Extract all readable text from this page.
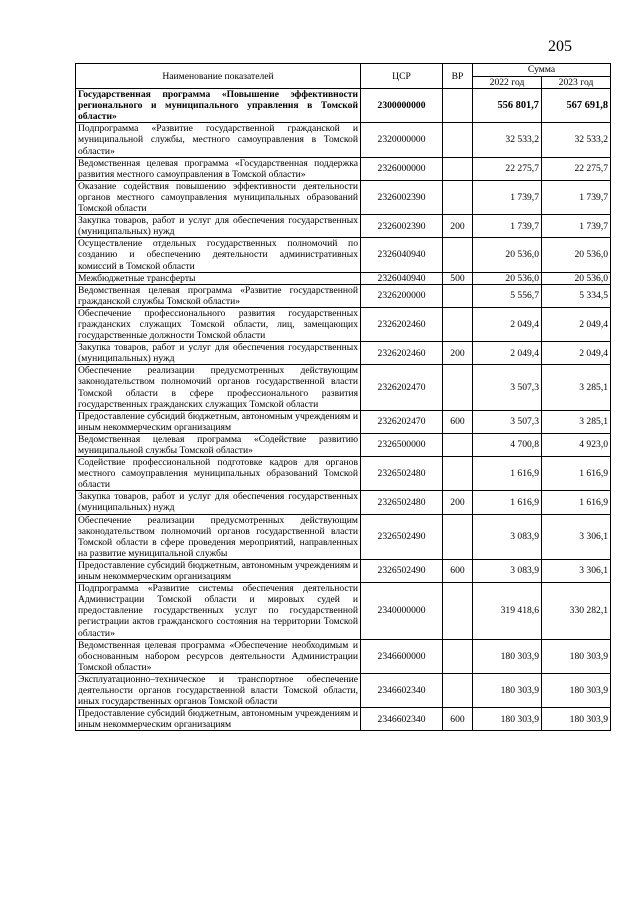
205
Наименование показателей	ЦСР	ВР	Сумма	
			2022 год	2023 год
Государственная программа «Повышение эффективности регионального и муниципального управления в Томской области»	2300000000		556 801,7	567 691,8
Подпрограмма «Развитие государственной гражданской и муниципальной службы, местного самоуправления в Томской области»	2320000000		32 533,2	32 533,2
Ведомственная целевая программа «Государственная поддержка развития местного самоуправления в Томской области»	2326000000		22 275,7	22 275,7
Оказание содействия повышению эффективности деятельности органов местного самоуправления муниципальных образований Томской области	2326002390		1 739,7	1 739,7
Закупка товаров, работ и услуг для обеспечения государственных (муниципальных) нужд	2326002390	200	1 739,7	1 739,7
Осуществление отдельных государственных полномочий по созданию и обеспечению деятельности административных комиссий в Томской области	2326040940		20 536,0	20 536,0
Межбюджетные трансферты	2326040940	500	20 536,0	20 536,0
Ведомственная целевая программа «Развитие государственной гражданской службы Томской области»	2326200000		5 556,7	5 334,5
Обеспечение профессионального развития государственных гражданских служащих Томской области, лиц, замещающих государственные должности Томской области	2326202460		2 049,4	2 049,4
Закупка товаров, работ и услуг для обеспечения государственных (муниципальных) нужд	2326202460	200	2 049,4	2 049,4
Обеспечение реализации предусмотренных действующим законодательством полномочий органов государственной власти Томской области в сфере профессионального развития государственных гражданских служащих Томской области	2326202470		3 507,3	3 285,1
Предоставление субсидий бюджетным, автономным учреждениям и иным некоммерческим организациям	2326202470	600	3 507,3	3 285,1
Ведомственная целевая программа «Содействие развитию муниципальной службы Томской области»	2326500000		4 700,8	4 923,0
Содействие профессиональной подготовке кадров для органов местного самоуправления муниципальных образований Томской области	2326502480		1 616,9	1 616,9
Закупка товаров, работ и услуг для обеспечения государственных (муниципальных) нужд	2326502480	200	1 616,9	1 616,9
Обеспечение реализации предусмотренных действующим законодательством полномочий органов государственной власти Томской области в сфере проведения мероприятий, направленных на развитие муниципальной службы	2326502490		3 083,9	3 306,1
Предоставление субсидий бюджетным, автономным учреждениям и иным некоммерческим организациям	2326502490	600	3 083,9	3 306,1
Подпрограмма «Развитие системы обеспечения деятельности Администрации Томской области и мировых судей и предоставление государственных услуг по государственной регистрации актов гражданского состояния на территории Томской области»	2340000000		319 418,6	330 282,1
Ведомственная целевая программа «Обеспечение необходимым и обоснованным набором ресурсов деятельности Администрации Томской области»	2346600000		180 303,9	180 303,9
Эксплуатационно–техническое и транспортное обеспечение деятельности органов государственной власти Томской области, иных государственных органов Томской области	2346602340		180 303,9	180 303,9
Предоставление субсидий бюджетным, автономным учреждениям и иным некоммерческим организациям	2346602340	600	180 303,9	180 303,9
